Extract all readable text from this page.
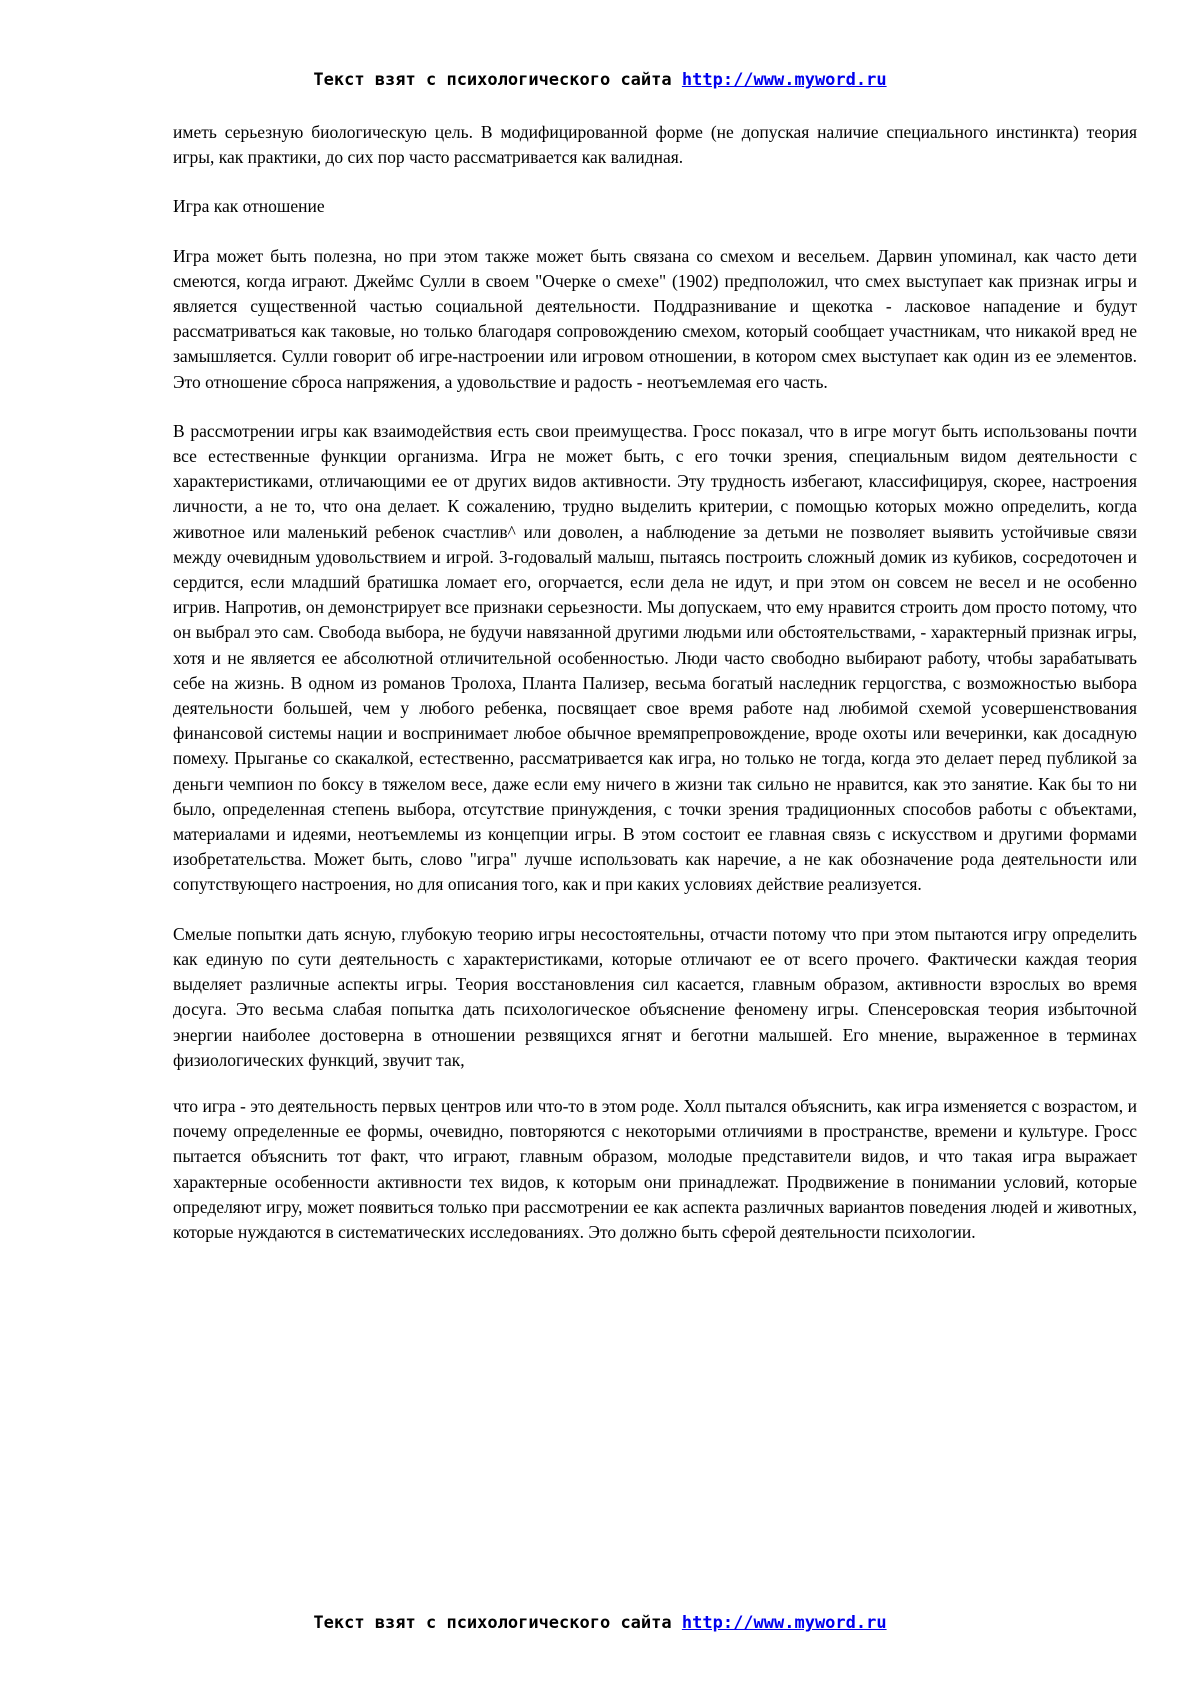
Текст взят с психологического сайта http://www.myword.ru

иметь серьезную биологическую цель. В модифицированной форме (не допуская наличие специального инстинкта) теория игры, как практики, до сих пор часто рассматривается как валидная.

Игра как отношение

Игра может быть полезна, но при этом также может быть связана со смехом и весельем. Дарвин упоминал, как часто дети смеются, когда играют. Джеймс Сулли в своем "Очерке о смехе" (1902) предположил, что смех выступает как признак игры и является существенной частью социальной деятельности. Поддразнивание и щекотка - ласковое нападение и будут рассматриваться как таковые, но только благодаря сопровождению смехом, который сообщает участникам, что никакой вред не замышляется. Сулли говорит об игре-настроении или игровом отношении, в котором смех выступает как один из ее элементов. Это отношение сброса напряжения, а удовольствие и радость - неотъемлемая его часть.

В рассмотрении игры как взаимодействия есть свои преимущества. Гросс показал, что в игре могут быть использованы почти все естественные функции организма. Игра не может быть, с его точки зрения, специальным видом деятельности с характеристиками, отличающими ее от других видов активности. Эту трудность избегают, классифицируя, скорее, настроения личности, а не то, что она делает. К сожалению, трудно выделить критерии, с помощью которых можно определить, когда животное или маленький ребенок счастлив^ или доволен, а наблюдение за детьми не позволяет выявить устойчивые связи между очевидным удовольствием и игрой. 3-годовалый малыш, пытаясь построить сложный домик из кубиков, сосредоточен и сердится, если младший братишка ломает его, огорчается, если дела не идут, и при этом он совсем не весел и не особенно игрив. Напротив, он демонстрирует все признаки серьезности. Мы допускаем, что ему нравится строить дом просто потому, что он выбрал это сам. Свобода выбора, не будучи навязанной другими людьми или обстоятельствами, - характерный признак игры, хотя и не является ее абсолютной отличительной особенностью. Люди часто свободно выбирают работу, чтобы зарабатывать себе на жизнь. В одном из романов Тролоха, Планта Пализер, весьма богатый наследник герцогства, с возможностью выбора деятельности большей, чем у любого ребенка, посвящает свое время работе над любимой схемой усовершенствования финансовой системы нации и воспринимает любое обычное времяпрепровождение, вроде охоты или вечеринки, как досадную помеху. Прыганье со скакалкой, естественно, рассматривается как игра, но только не тогда, когда это делает перед публикой за деньги чемпион по боксу в тяжелом весе, даже если ему ничего в жизни так сильно не нравится, как это занятие. Как бы то ни было, определенная степень выбора, отсутствие принуждения, с точки зрения традиционных способов работы с объектами, материалами и идеями, неотъемлемы из концепции игры. В этом состоит ее главная связь с искусством и другими формами изобретательства. Может быть, слово "игра" лучше использовать как наречие, а не как обозначение рода деятельности или сопутствующего настроения, но для описания того, как и при каких условиях действие реализуется.

Смелые попытки дать ясную, глубокую теорию игры несостоятельны, отчасти потому что при этом пытаются игру определить как единую по сути деятельность с характеристиками, которые отличают ее от всего прочего. Фактически каждая теория выделяет различные аспекты игры. Теория восстановления сил касается, главным образом, активности взрослых во время досуга. Это весьма слабая попытка дать психологическое объяснение феномену игры. Спенсеровская теория избыточной энергии наиболее достоверна в отношении резвящихся ягнят и беготни малышей. Его мнение, выраженное в терминах физиологических функций, звучит так,

что игра - это деятельность первых центров или что-то в этом роде. Холл пытался объяснить, как игра изменяется с возрастом, и почему определенные ее формы, очевидно, повторяются с некоторыми отличиями в пространстве, времени и культуре. Гросс пытается объяснить тот факт, что играют, главным образом, молодые представители видов, и что такая игра выражает характерные особенности активности тех видов, к которым они принадлежат. Продвижение в понимании условий, которые определяют игру, может появиться только при рассмотрении ее как аспекта различных вариантов поведения людей и животных, которые нуждаются в систематических исследованиях. Это должно быть сферой деятельности психологии.

Текст взят с психологического сайта http://www.myword.ru
